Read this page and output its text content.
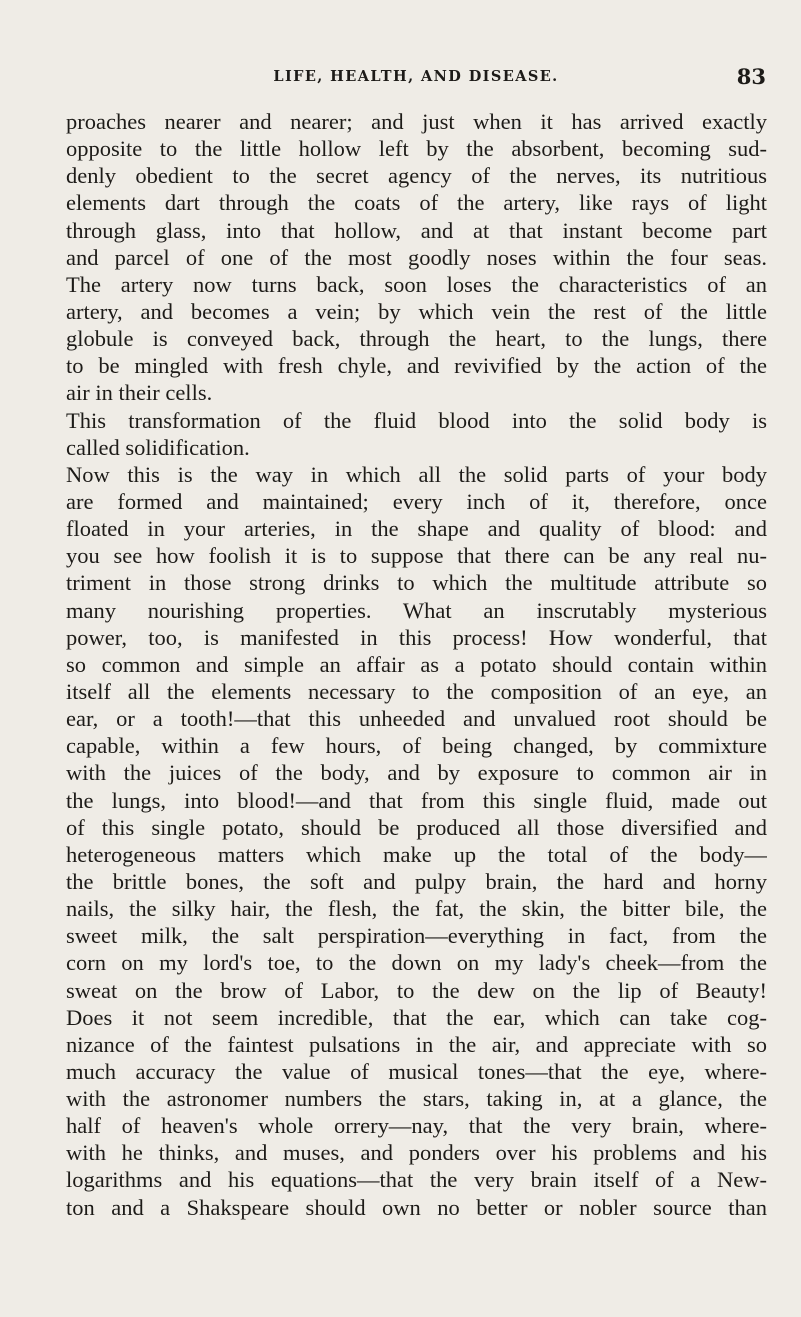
LIFE, HEALTH, AND DISEASE.	83
proaches nearer and nearer; and just when it has arrived exactly
opposite to the little hollow left by the absorbent, becoming sud-
denly obedient to the secret agency of the nerves, its nutritious
elements dart through the coats of the artery, like rays of light
through glass, into that hollow, and at that instant become part
and parcel of one of the most goodly noses within the four seas.
The artery now turns back, soon loses the characteristics of an
artery, and becomes a vein; by which vein the rest of the little
globule is conveyed back, through the heart, to the lungs, there
to be mingled with fresh chyle, and revivified by the action of the
air in their cells.
This transformation of the fluid blood into the solid body is
called solidification.
Now this is the way in which all the solid parts of your body
are formed and maintained; every inch of it, therefore, once
floated in your arteries, in the shape and quality of blood: and
you see how foolish it is to suppose that there can be any real nu-
triment in those strong drinks to which the multitude attribute so
many nourishing properties. What an inscrutably mysterious
power, too, is manifested in this process! How wonderful, that
so common and simple an affair as a potato should contain within
itself all the elements necessary to the composition of an eye, an
ear, or a tooth!—that this unheeded and unvalued root should be
capable, within a few hours, of being changed, by commixture
with the juices of the body, and by exposure to common air in
the lungs, into blood!—and that from this single fluid, made out
of this single potato, should be produced all those diversified and
heterogeneous matters which make up the total of the body—
the brittle bones, the soft and pulpy brain, the hard and horny
nails, the silky hair, the flesh, the fat, the skin, the bitter bile, the
sweet milk, the salt perspiration—everything in fact, from the
corn on my lord's toe, to the down on my lady's cheek—from the
sweat on the brow of Labor, to the dew on the lip of Beauty!
Does it not seem incredible, that the ear, which can take cog-
nizance of the faintest pulsations in the air, and appreciate with so
much accuracy the value of musical tones—that the eye, where-
with the astronomer numbers the stars, taking in, at a glance, the
half of heaven's whole orrery—nay, that the very brain, where-
with he thinks, and muses, and ponders over his problems and his
logarithms and his equations—that the very brain itself of a New-
ton and a Shakspeare should own no better or nobler source than
